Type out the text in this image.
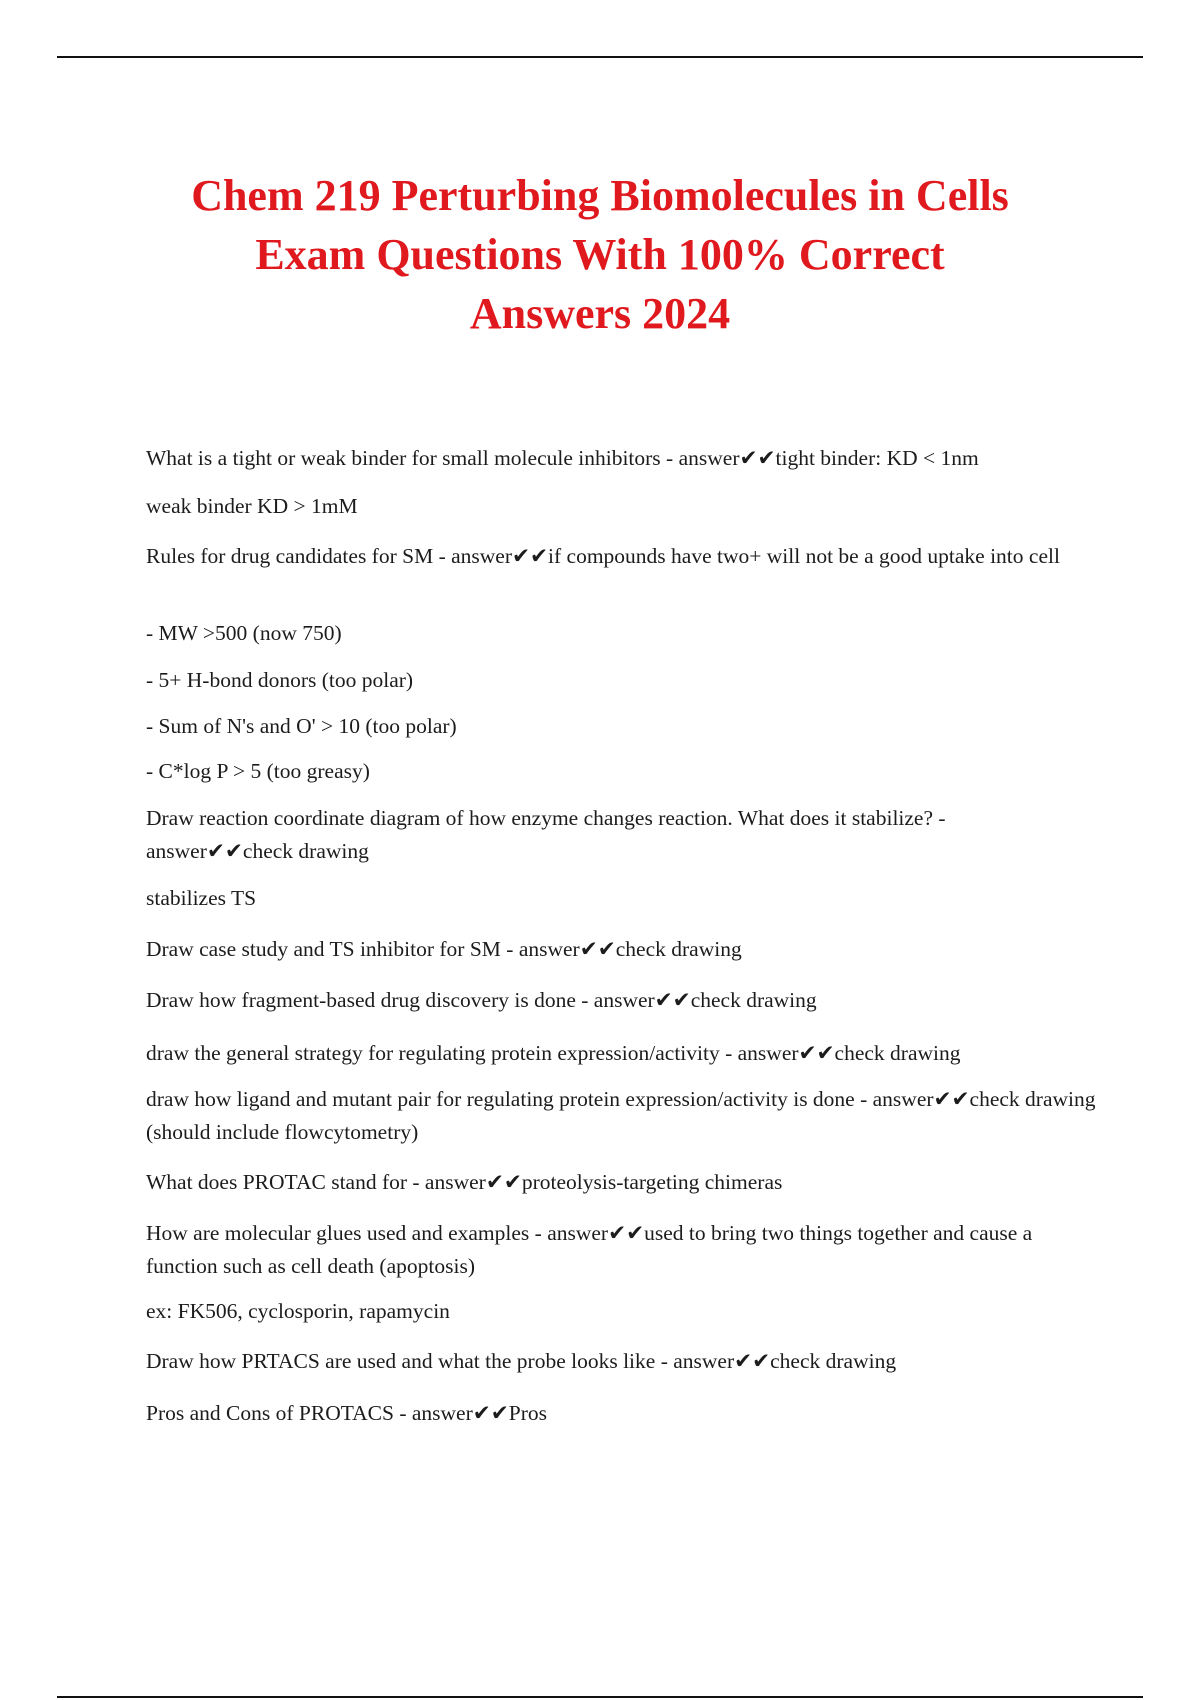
Chem 219 Perturbing Biomolecules in Cells
Exam Questions With 100% Correct
Answers 2024
What is a tight or weak binder for small molecule inhibitors - answer✔✔tight binder: KD < 1nm
weak binder KD > 1mM
Rules for drug candidates for SM - answer✔✔if compounds have two+ will not be a good uptake into cell
- MW >500 (now 750)
- 5+ H-bond donors (too polar)
- Sum of N's and O' > 10 (too polar)
- C*log P > 5 (too greasy)
Draw reaction coordinate diagram of how enzyme changes reaction. What does it stabilize? - answer✔✔check drawing
stabilizes TS
Draw case study and TS inhibitor for SM - answer✔✔check drawing
Draw how fragment-based drug discovery is done - answer✔✔check drawing
draw the general strategy for regulating protein expression/activity - answer✔✔check drawing
draw how ligand and mutant pair for regulating protein expression/activity is done - answer✔✔check drawing (should include flowcytometry)
What does PROTAC stand for - answer✔✔proteolysis-targeting chimeras
How are molecular glues used and examples - answer✔✔used to bring two things together and cause a function such as cell death (apoptosis)
ex: FK506, cyclosporin, rapamycin
Draw how PRTACS are used and what the probe looks like - answer✔✔check drawing
Pros and Cons of PROTACS - answer✔✔Pros
